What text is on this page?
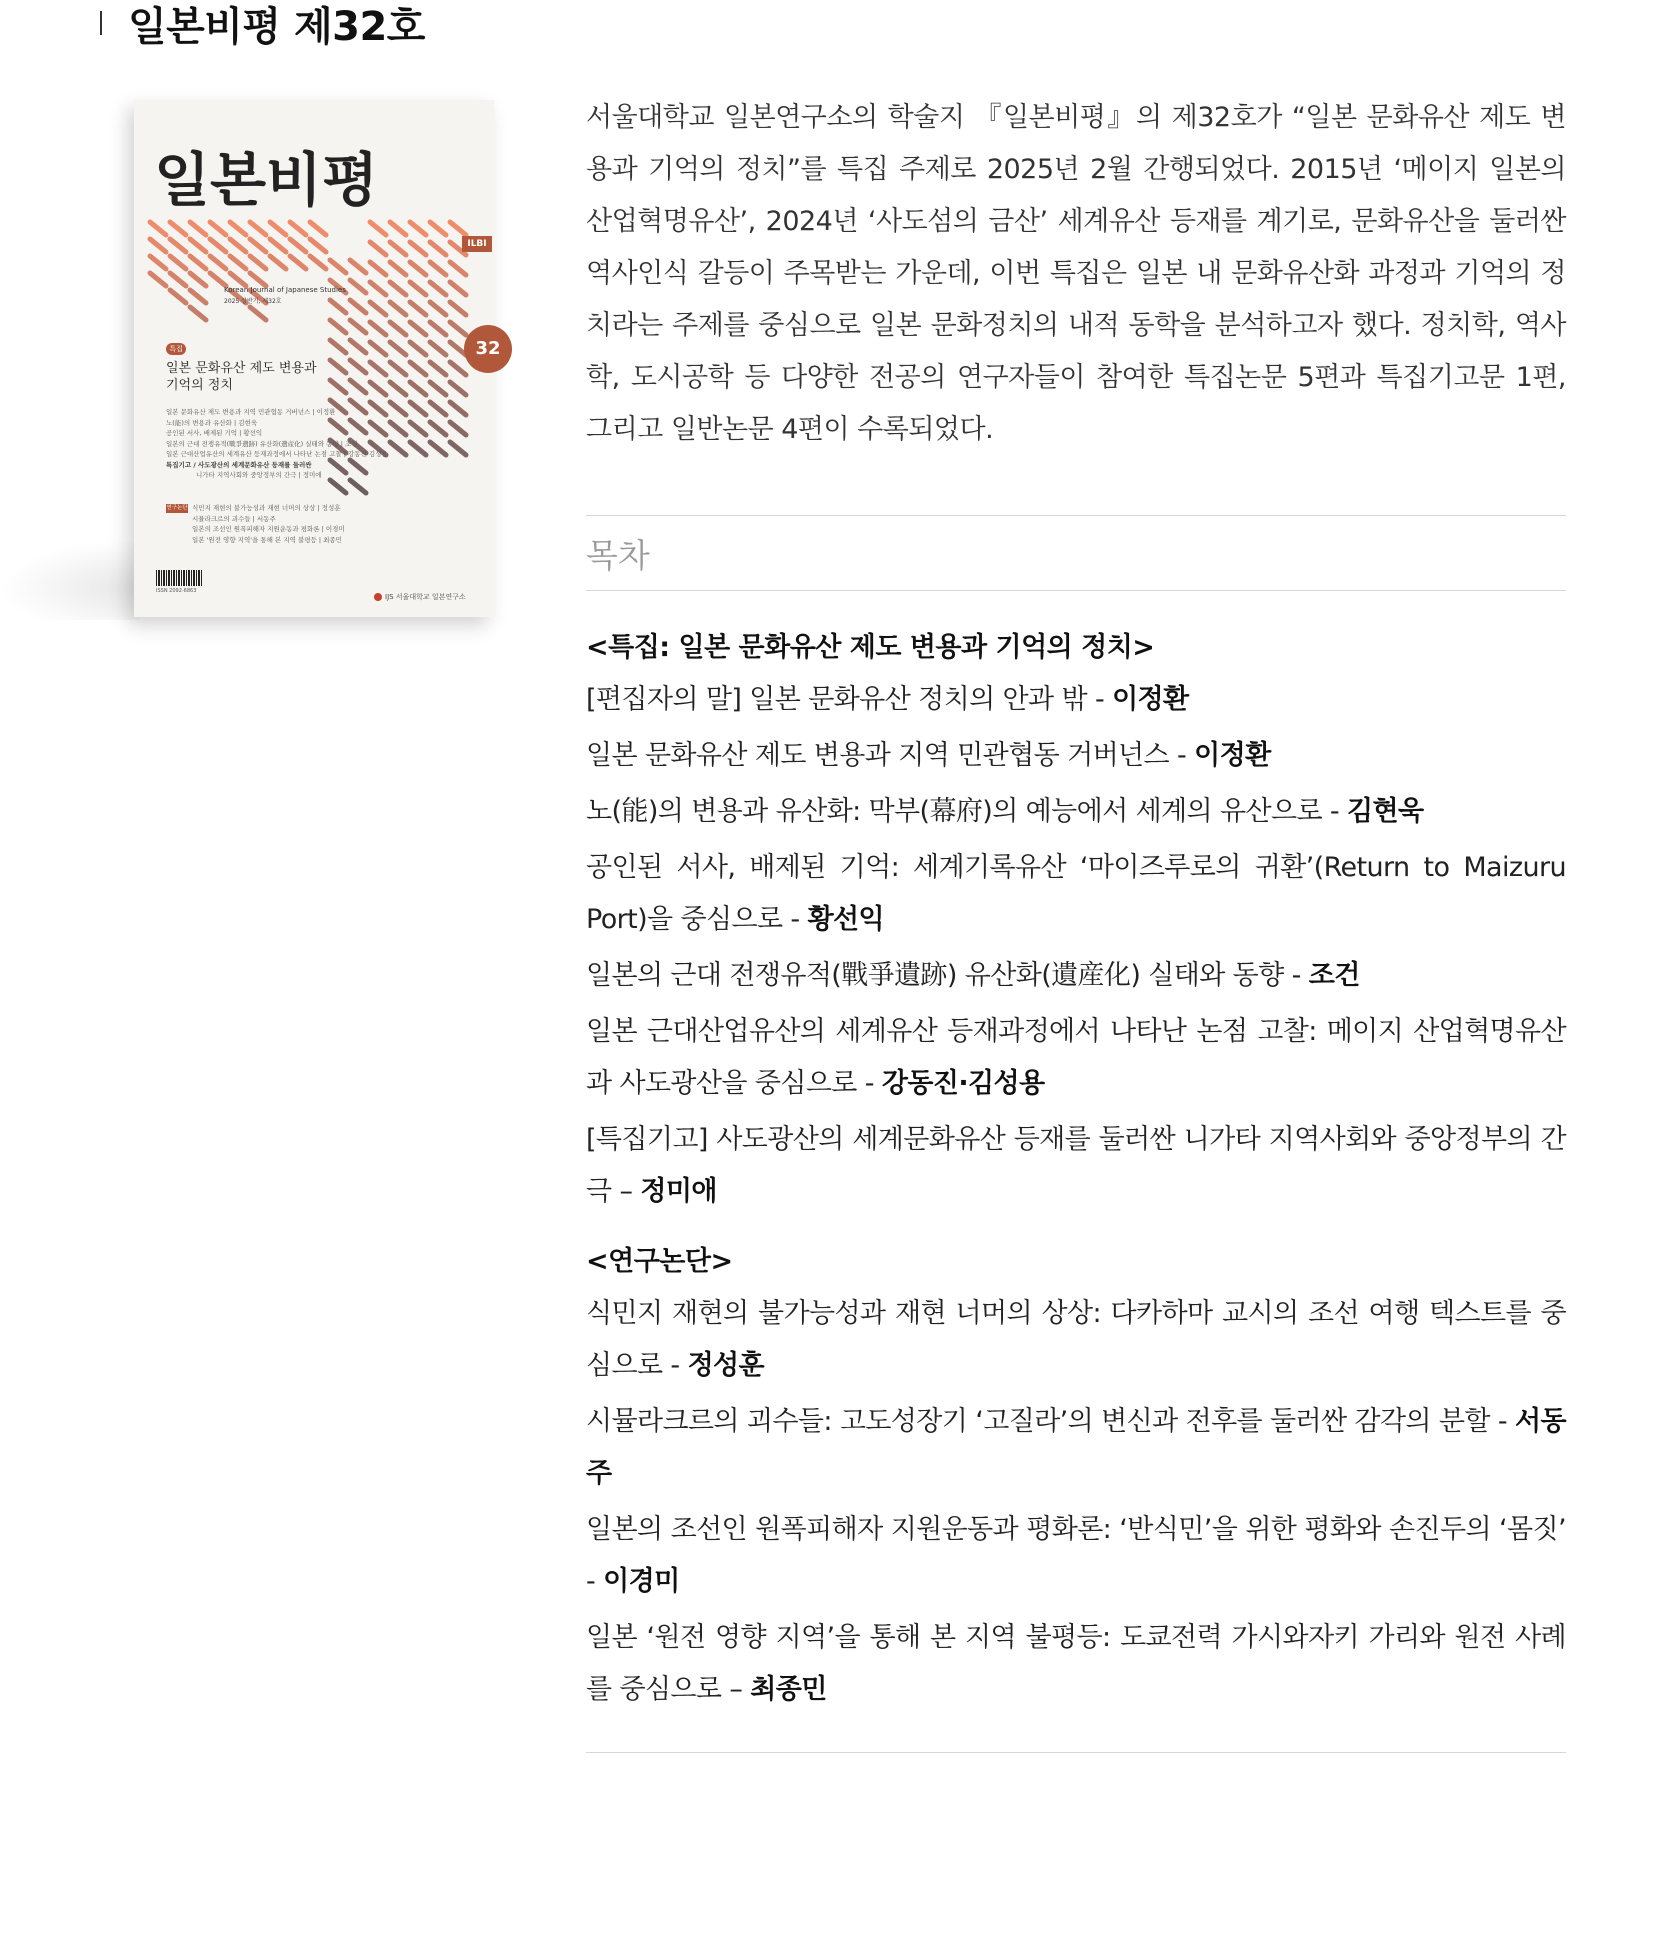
일본비평 제32호
일본비평
ILBI
Korean Journal of Japanese Studies
2025 상반기, 제32호
32
특집
일본 문화유산 제도 변용과
기억의 정치
일본 문화유산 제도 변용과 지역 민관협동 거버넌스 | 이정환
노(能)의 변용과 유산화 | 김현욱
공인된 서사, 배제된 기억 | 황선익
일본의 근대 전쟁유적(戰爭遺跡) 유산화(遺産化) 실태와 동향 | 조건
일본 근대산업유산의 세계유산 등재과정에서 나타난 논점 고찰 | 강동진·김성용
특집기고 / 사도광산의 세계문화유산 등재를 둘러싼
니가타 지역사회와 중앙정부의 간극 | 정미애
연구논단 식민지 재현의 불가능성과 재현 너머의 상상 | 정성훈
시뮬라크르의 괴수들 | 서동주
일본의 조선인 원폭피해자 지원운동과 평화론 | 이경미
일본 '원전 영향 지역'을 통해 본 지역 불평등 | 최종민
ISSN 2092-6863
IJS 서울대학교 일본연구소

서울대학교 일본연구소의 학술지 『일본비평』의 제32호가 “일본 문화유산 제도 변용과 기억의 정치”를 특집 주제로 2025년 2월 간행되었다. 2015년 ‘메이지 일본의 산업혁명유산’, 2024년 ‘사도섬의 금산’ 세계유산 등재를 계기로, 문화유산을 둘러싼 역사인식 갈등이 주목받는 가운데, 이번 특집은 일본 내 문화유산화 과정과 기억의 정치라는 주제를 중심으로 일본 문화정치의 내적 동학을 분석하고자 했다. 정치학, 역사학, 도시공학 등 다양한 전공의 연구자들이 참여한 특집논문 5편과 특집기고문 1편, 그리고 일반논문 4편이 수록되었다.

목차

<특집: 일본 문화유산 제도 변용과 기억의 정치>

[편집자의 말] 일본 문화유산 정치의 안과 밖 - 이정환

일본 문화유산 제도 변용과 지역 민관협동 거버넌스 - 이정환

노(能)의 변용과 유산화: 막부(幕府)의 예능에서 세계의 유산으로 - 김현욱

공인된 서사, 배제된 기억: 세계기록유산 ‘마이즈루로의 귀환’(Return to Maizuru Port)을 중심으로 - 황선익

일본의 근대 전쟁유적(戰爭遺跡) 유산화(遺産化) 실태와 동향 - 조건

일본 근대산업유산의 세계유산 등재과정에서 나타난 논점 고찰: 메이지 산업혁명유산과 사도광산을 중심으로 - 강동진·김성용

[특집기고] 사도광산의 세계문화유산 등재를 둘러싼 니가타 지역사회와 중앙정부의 간극 – 정미애

<연구논단>

식민지 재현의 불가능성과 재현 너머의 상상: 다카하마 교시의 조선 여행 텍스트를 중심으로 - 정성훈

시뮬라크르의 괴수들: 고도성장기 ‘고질라’의 변신과 전후를 둘러싼 감각의 분할 - 서동주

일본의 조선인 원폭피해자 지원운동과 평화론: ‘반식민’을 위한 평화와 손진두의 ‘몸짓’ - 이경미

일본 ‘원전 영향 지역’을 통해 본 지역 불평등: 도쿄전력 가시와자키 가리와 원전 사례를 중심으로 – 최종민
